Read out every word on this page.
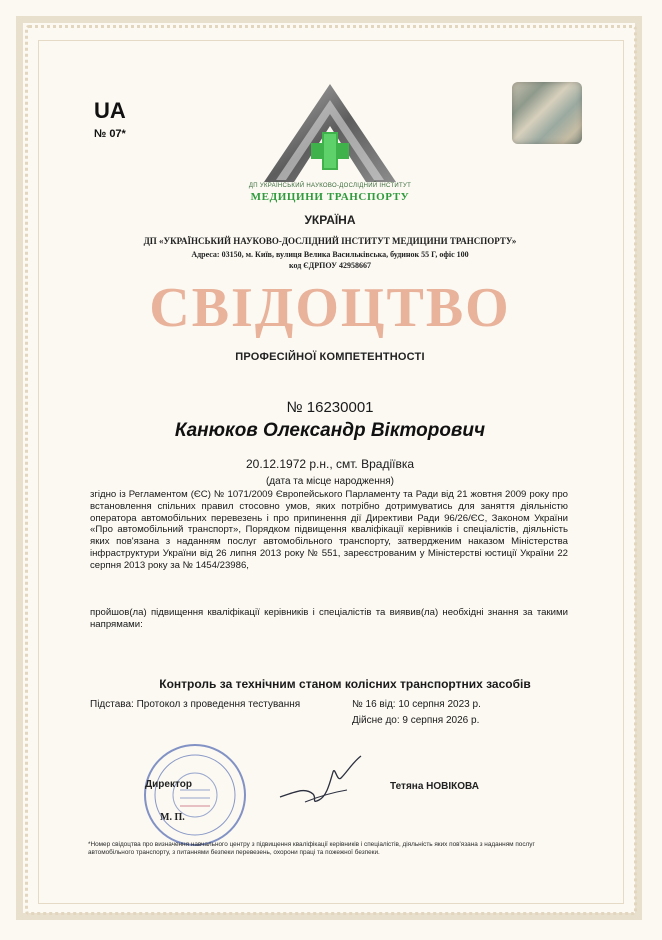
UA
№ 07*
ДП УКРАЇНСЬКИЙ НАУКОВО-ДОСЛІДНИЙ ІНСТИТУТ
МЕДИЦИНИ ТРАНСПОРТУ
УКРАЇНА
ДП «УКРАЇНСЬКИЙ НАУКОВО-ДОСЛІДНИЙ ІНСТИТУТ МЕДИЦИНИ ТРАНСПОРТУ»
Адреса: 03150, м. Київ, вулиця Велика Васильківська, будинок 55 Г, офіс 100
код ЄДРПОУ 42958667
СВІДОЦТВО
ПРОФЕСІЙНОЇ КОМПЕТЕНТНОСТІ
№ 16230001
Канюков Олександр Вікторович
20.12.1972 р.н., смт. Врадіївка
(дата та місце народження)
згідно із Регламентом (ЄС) № 1071/2009 Європейського Парламенту та Ради від 21 жовтня 2009 року про встановлення спільних правил стосовно умов, яких потрібно дотримуватись для заняття діяльністю оператора автомобільних перевезень і про припинення дії Директиви Ради 96/26/ЄС, Законом України «Про автомобільний транспорт», Порядком підвищення кваліфікації керівників і спеціалістів, діяльність яких пов'язана з наданням послуг автомобільного транспорту, затвердженим наказом Міністерства інфраструктури України від 26 липня 2013 року № 551, зареєстрованим у Міністерстві юстиції України 22 серпня 2013 року за № 1454/23986,
пройшов(ла) підвищення кваліфікації керівників і спеціалістів та виявив(ла) необхідні знання за такими напрямами:
Контроль за технічним станом колісних транспортних засобів
Підстава: Протокол з проведення тестування	№ 16 від: 10 серпня 2023 р.
Дійсне до: 9 серпня 2026 р.
Директор
М. П.
Тетяна НОВІКОВА
*Номер свідоцтва про визначення навчального центру з підвищення кваліфікації керівників і спеціалістів, діяльність яких пов'язана з наданням послуг автомобільного транспорту, з питаннями безпеки перевезень, охорони праці та пожежної безпеки.
